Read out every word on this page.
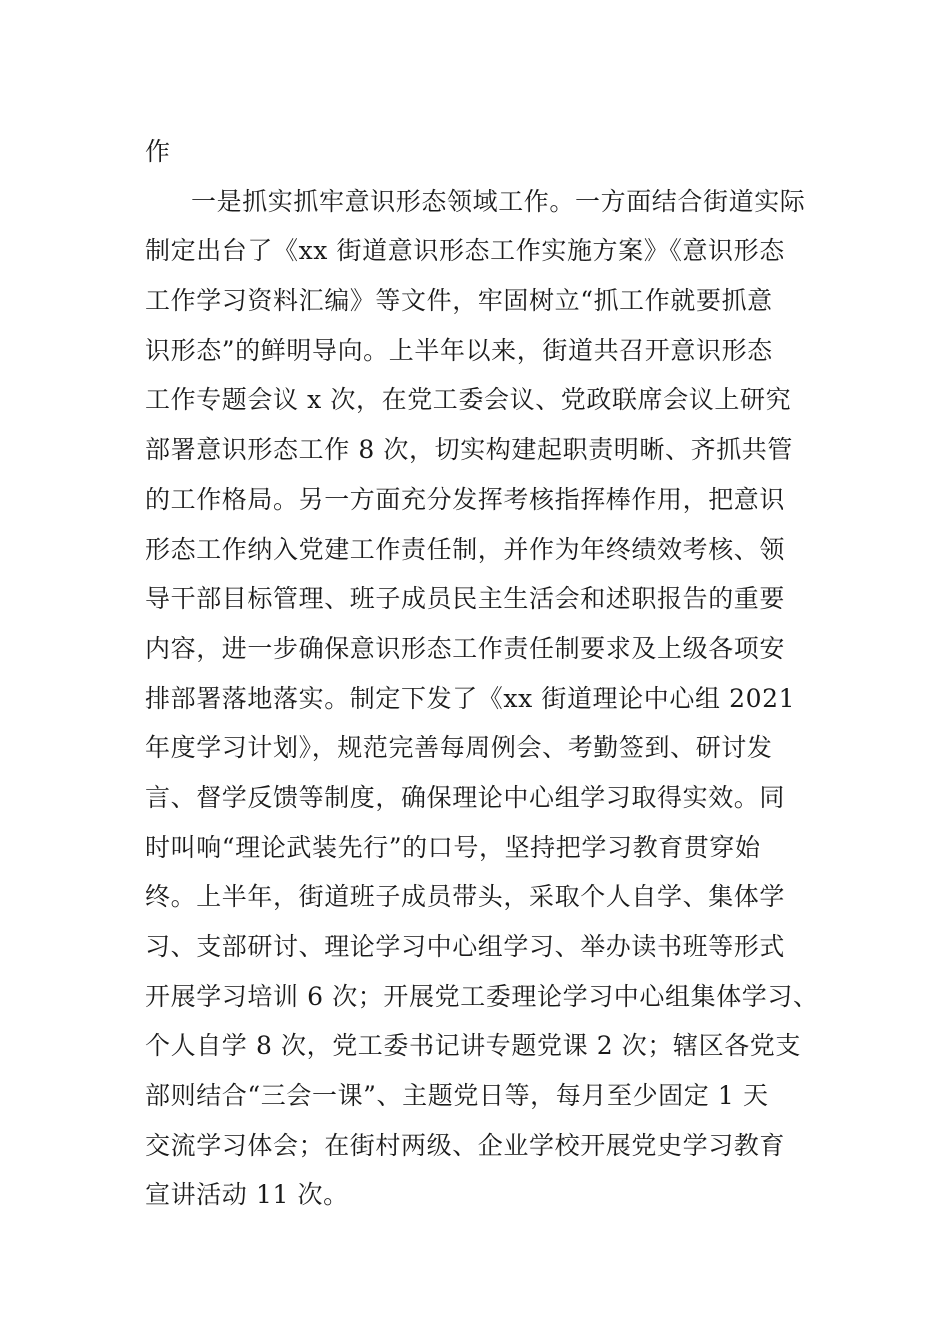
作
一是抓实抓牢意识形态领域工作。一方面结合街道实际
制定出台了《xx 街道意识形态工作实施方案》《意识形态
工作学习资料汇编》等文件，牢固树立“抓工作就要抓意
识形态”的鲜明导向。上半年以来，街道共召开意识形态
工作专题会议 x 次，在党工委会议、党政联席会议上研究
部署意识形态工作 8 次，切实构建起职责明晰、齐抓共管
的工作格局。另一方面充分发挥考核指挥棒作用，把意识
形态工作纳入党建工作责任制，并作为年终绩效考核、领
导干部目标管理、班子成员民主生活会和述职报告的重要
内容，进一步确保意识形态工作责任制要求及上级各项安
排部署落地落实。制定下发了《xx 街道理论中心组 2021
年度学习计划》，规范完善每周例会、考勤签到、研讨发
言、督学反馈等制度，确保理论中心组学习取得实效。同
时叫响“理论武装先行”的口号，坚持把学习教育贯穿始
终。上半年，街道班子成员带头，采取个人自学、集体学
习、支部研讨、理论学习中心组学习、举办读书班等形式
开展学习培训 6 次；开展党工委理论学习中心组集体学习、
个人自学 8 次，党工委书记讲专题党课 2 次；辖区各党支
部则结合“三会一课”、主题党日等，每月至少固定 1 天
交流学习体会；在街村两级、企业学校开展党史学习教育
宣讲活动 11 次。
